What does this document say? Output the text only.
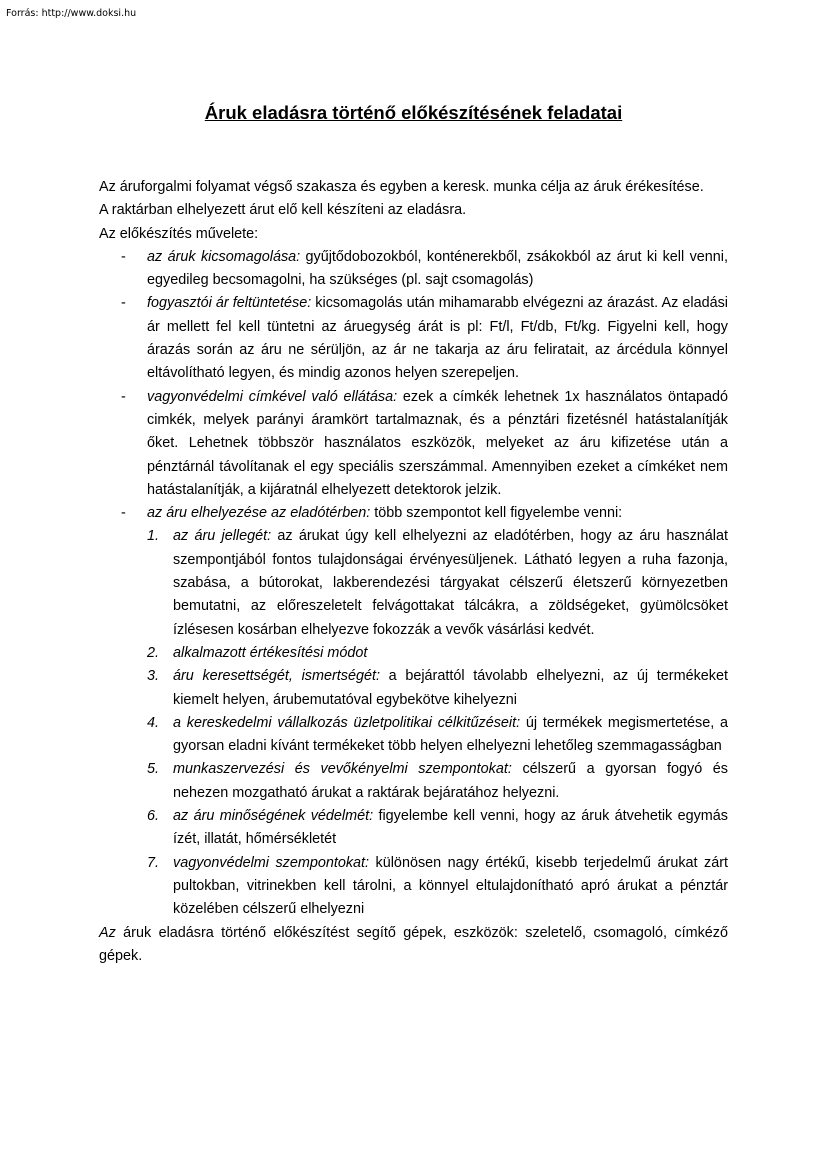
Forrás: http://www.doksi.hu
Áruk eladásra történő előkészítésének feladatai

Az áruforgalmi folyamat végső szakasza és egyben a keresk. munka célja az áruk érékesítése.

A raktárban elhelyezett árut elő kell készíteni az eladásra.

Az előkészítés művelete:

- az áruk kicsomagolása: gyűjtődobozokból, konténerekből, zsákokból az árut ki kell venni, egyedileg becsomagolni, ha szükséges (pl. sajt csomagolás)
- fogyasztói ár feltüntetése: kicsomagolás után mihamarabb elvégezni az árazást. Az eladási ár mellett fel kell tüntetni az áruegység árát is pl: Ft/l, Ft/db, Ft/kg. Figyelni kell, hogy árazás során az áru ne sérüljön, az ár ne takarja az áru feliratait, az árcédula könnyel eltávolítható legyen, és mindig azonos helyen szerepeljen.
- vagyonvédelmi címkével való ellátása: ezek a címkék lehetnek 1x használatos öntapadó cimkék, melyek parányi áramkört tartalmaznak, és a pénztári fizetésnél hatástalanítják őket. Lehetnek többször használatos eszközök, melyeket az áru kifizetése után a pénztárnál távolítanak el egy speciális szerszámmal. Amennyiben ezeket a címkéket nem hatástalanítják, a kijáratnál elhelyezett detektorok jelzik.
- az áru elhelyezése az eladótérben: több szempontot kell figyelembe venni:
1. az áru jellegét: az árukat úgy kell elhelyezni az eladótérben, hogy az áru használat szempontjából fontos tulajdonságai érvényesüljenek. Látható legyen a ruha fazonja, szabása, a bútorokat, lakberendezési tárgyakat célszerű életszerű környezetben bemutatni, az előreszeletelt felvágottakat tálcákra, a zöldségeket, gyümölcsöket ízlésesen kosárban elhelyezve fokozzák a vevők vásárlási kedvét.
2. alkalmazott értékesítési módot
3. áru keresettségét, ismertségét: a bejárattól távolabb elhelyezni, az új termékeket kiemelt helyen, árubemutatóval egybekötve kihelyezni
4. a kereskedelmi vállalkozás üzletpolitikai célkitűzéseit: új termékek megismertetése, a gyorsan eladni kívánt termékeket több helyen elhelyezni lehetőleg szemmagasságban
5. munkaszervezési és vevőkényelmi szempontokat: célszerű a gyorsan fogyó és nehezen mozgatható árukat a raktárak bejáratához helyezni.
6. az áru minőségének védelmét: figyelembe kell venni, hogy az áruk átvehetik egymás ízét, illatát, hőmérsékletét
7. vagyonvédelmi szempontokat: különösen nagy értékű, kisebb terjedelmű árukat zárt pultokban, vitrinekben kell tárolni, a könnyel eltulajdonítható apró árukat a pénztár közelében célszerű elhelyezni

Az áruk eladásra történő előkészítést segítő gépek, eszközök: szeletelő, csomagoló, címkéző gépek.
